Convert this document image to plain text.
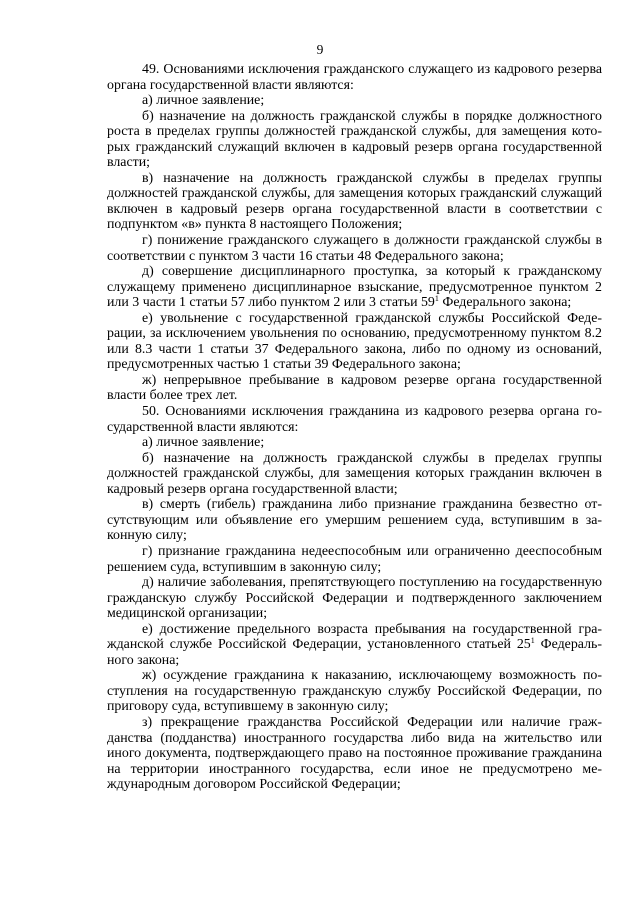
9

49. Основаниями исключения гражданского служащего из кадрового резерва органа государственной власти являются:

а) личное заявление;

б) назначение на должность гражданской службы в порядке должностного роста в пределах группы должностей гражданской службы, для замещения которых гражданский служащий включен в кадровый резерв органа государственной власти;

в) назначение на должность гражданской службы в пределах группы должностей гражданской службы, для замещения которых гражданский служащий включен в кадровый резерв органа государственной власти в соответствии с подпунктом «в» пункта 8 настоящего Положения;

г) понижение гражданского служащего в должности гражданской службы в соответствии с пунктом 3 части 16 статьи 48 Федерального закона;

д) совершение дисциплинарного проступка, за который к гражданскому служащему применено дисциплинарное взыскание, предусмотренное пунктом 2 или 3 части 1 статьи 57 либо пунктом 2 или 3 статьи $59^1$ Федерального закона;

е) увольнение с государственной гражданской службы Российской Федерации, за исключением увольнения по основанию, предусмотренному пунктом 8.2 или 8.3 части 1 статьи 37 Федерального закона, либо по одному из оснований, предусмотренных частью 1 статьи 39 Федерального закона;

ж) непрерывное пребывание в кадровом резерве органа государственной власти более трех лет.

50. Основаниями исключения гражданина из кадрового резерва органа государственной власти являются:

а) личное заявление;

б) назначение на должность гражданской службы в пределах группы должностей гражданской службы, для замещения которых гражданин включен в кадровый резерв органа государственной власти;

в) смерть (гибель) гражданина либо признание гражданина безвестно отсутствующим или объявление его умершим решением суда, вступившим в законную силу;

г) признание гражданина недееспособным или ограниченно дееспособным решением суда, вступившим в законную силу;

д) наличие заболевания, препятствующего поступлению на государственную гражданскую службу Российской Федерации и подтвержденного заключением медицинской организации;

е) достижение предельного возраста пребывания на государственной гражданской службе Российской Федерации, установленного статьей $25^1$ Федерального закона;

ж) осуждение гражданина к наказанию, исключающему возможность поступления на государственную гражданскую службу Российской Федерации, по приговору суда, вступившему в законную силу;

з) прекращение гражданства Российской Федерации или наличие гражданства (подданства) иностранного государства либо вида на жительство или иного документа, подтверждающего право на постоянное проживание гражданина на территории иностранного государства, если иное не предусмотрено международным договором Российской Федерации;
